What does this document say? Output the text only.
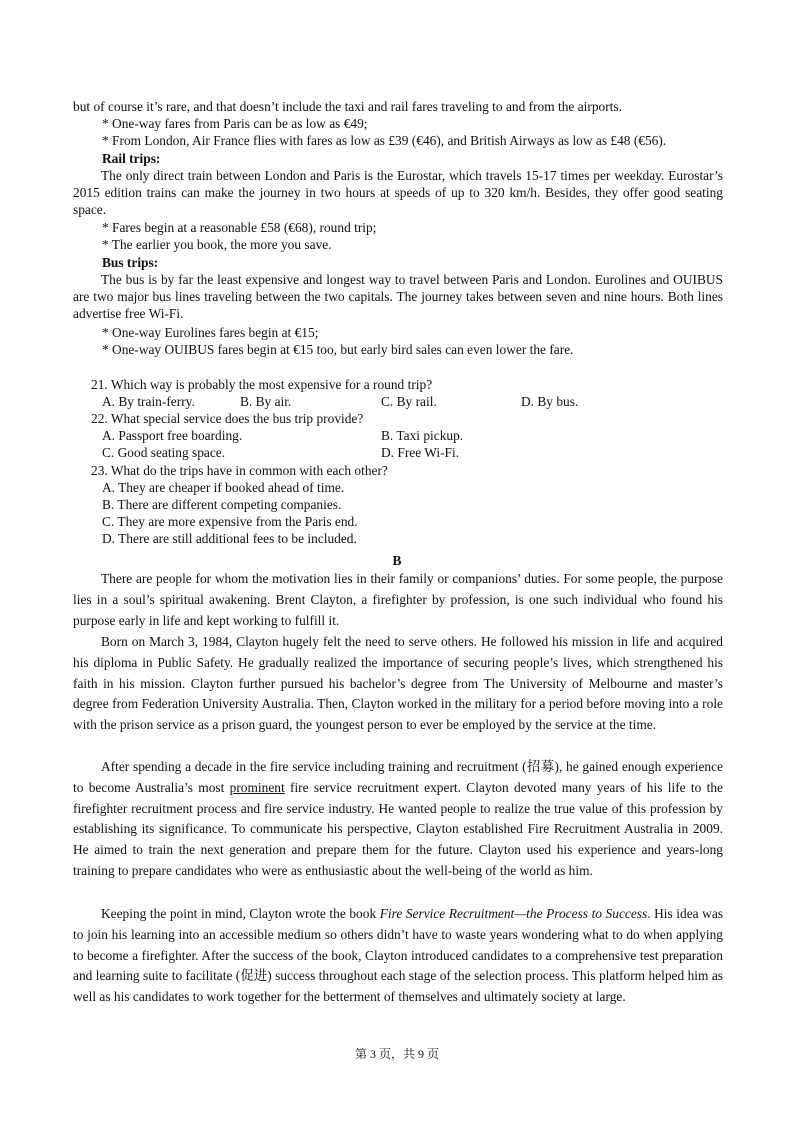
but of course it’s rare, and that doesn’t include the taxi and rail fares traveling to and from the airports.

* One-way fares from Paris can be as low as €49;

* From London, Air France flies with fares as low as £39 (€46), and British Airways as low as £48 (€56).

Rail trips:

The only direct train between London and Paris is the Eurostar, which travels 15-17 times per weekday. Eurostar’s 2015 edition trains can make the journey in two hours at speeds of up to 320 km/h. Besides, they offer good seating space.

* Fares begin at a reasonable £58 (€68), round trip;

* The earlier you book, the more you save.

Bus trips:

The bus is by far the least expensive and longest way to travel between Paris and London. Eurolines and OUIBUS are two major bus lines traveling between the two capitals. The journey takes between seven and nine hours. Both lines advertise free Wi-Fi.

* One-way Eurolines fares begin at €15;

* One-way OUIBUS fares begin at €15 too, but early bird sales can even lower the fare.

21. Which way is probably the most expensive for a round trip?
A. By train-ferry.	B. By air.	C. By rail.	D. By bus.
22. What special service does the bus trip provide?
A. Passport free boarding.	B. Taxi pickup.
C. Good seating space.	D. Free Wi-Fi.
23. What do the trips have in common with each other?
A. They are cheaper if booked ahead of time.
B. There are different competing companies.
C. They are more expensive from the Paris end.
D. There are still additional fees to be included.
B

There are people for whom the motivation lies in their family or companions’ duties. For some people, the purpose lies in a soul’s spiritual awakening. Brent Clayton, a firefighter by profession, is one such individual who found his purpose early in life and kept working to fulfill it.

Born on March 3, 1984, Clayton hugely felt the need to serve others. He followed his mission in life and acquired his diploma in Public Safety. He gradually realized the importance of securing people’s lives, which strengthened his faith in his mission. Clayton further pursued his bachelor’s degree from The University of Melbourne and master’s degree from Federation University Australia. Then, Clayton worked in the military for a period before moving into a role with the prison service as a prison guard, the youngest person to ever be employed by the service at the time.

After spending a decade in the fire service including training and recruitment (招募), he gained enough experience to become Australia’s most prominent fire service recruitment expert. Clayton devoted many years of his life to the firefighter recruitment process and fire service industry. He wanted people to realize the true value of this profession by establishing its significance. To communicate his perspective, Clayton established Fire Recruitment Australia in 2009. He aimed to train the next generation and prepare them for the future. Clayton used his experience and years-long training to prepare candidates who were as enthusiastic about the well-being of the world as him.

Keeping the point in mind, Clayton wrote the book Fire Service Recruitment—the Process to Success. His idea was to join his learning into an accessible medium so others didn’t have to waste years wondering what to do when applying to become a firefighter. After the success of the book, Clayton introduced candidates to a comprehensive test preparation and learning suite to facilitate (促进) success throughout each stage of the selection process. This platform helped him as well as his candidates to work together for the betterment of themselves and ultimately society at large.

第 3 页，共 9 页
